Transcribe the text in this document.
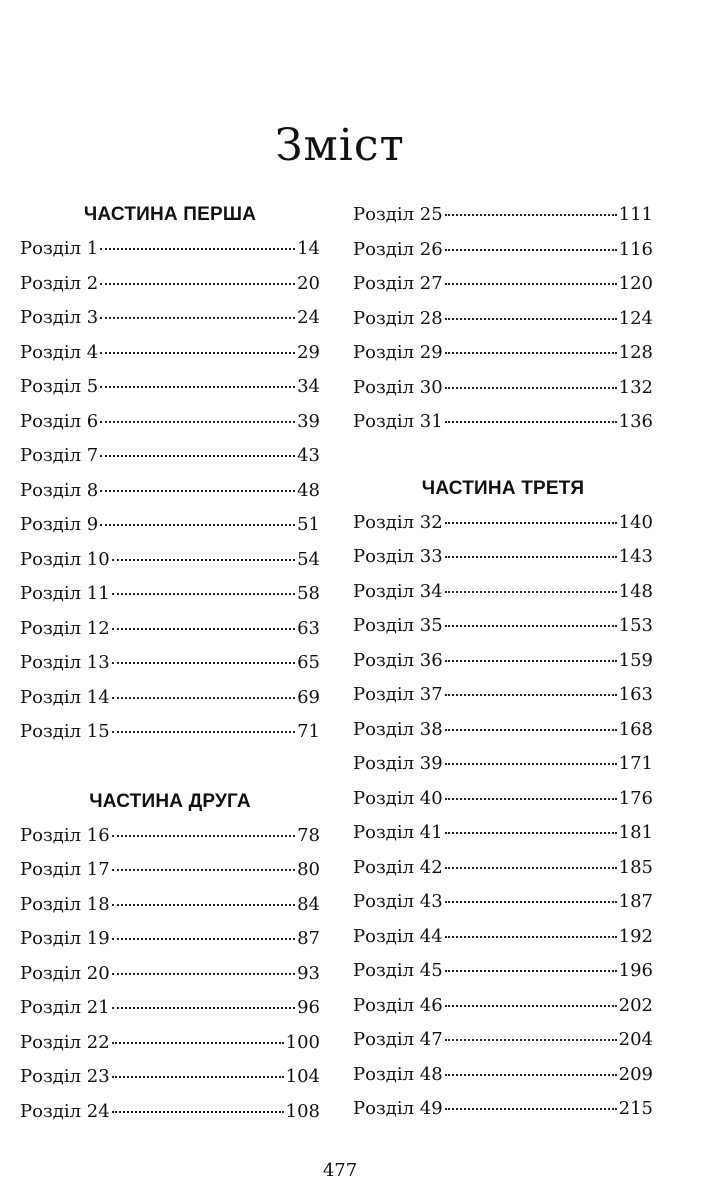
Зміст
ЧАСТИНА ПЕРША
Розділ 1	14
Розділ 2	20
Розділ 3	24
Розділ 4	29
Розділ 5	34
Розділ 6	39
Розділ 7	43
Розділ 8	48
Розділ 9	51
Розділ 10	54
Розділ 11	58
Розділ 12	63
Розділ 13	65
Розділ 14	69
Розділ 15	71
ЧАСТИНА ДРУГА
Розділ 16	78
Розділ 17	80
Розділ 18	84
Розділ 19	87
Розділ 20	93
Розділ 21	96
Розділ 22	100
Розділ 23	104
Розділ 24	108
Розділ 25	111
Розділ 26	116
Розділ 27	120
Розділ 28	124
Розділ 29	128
Розділ 30	132
Розділ 31	136
ЧАСТИНА ТРЕТЯ
Розділ 32	140
Розділ 33	143
Розділ 34	148
Розділ 35	153
Розділ 36	159
Розділ 37	163
Розділ 38	168
Розділ 39	171
Розділ 40	176
Розділ 41	181
Розділ 42	185
Розділ 43	187
Розділ 44	192
Розділ 45	196
Розділ 46	202
Розділ 47	204
Розділ 48	209
Розділ 49	215
477
